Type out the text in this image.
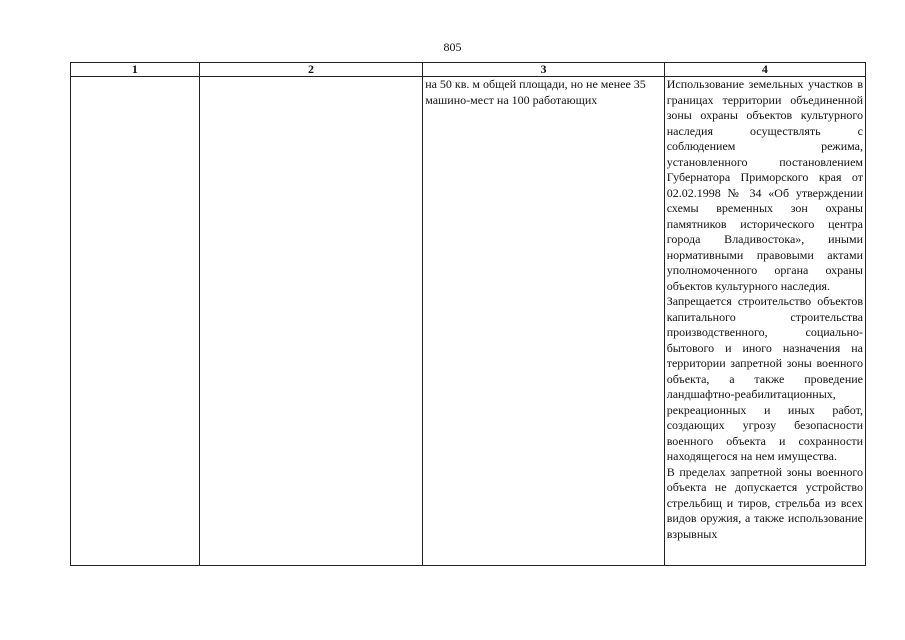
805
1	2	3	4
		на 50 кв. м общей площади, но не менее 35 машино-мест на 100 работающих	Использование земельных участков в границах территории объединенной зоны охраны объектов культурного наследия осуществлять с соблюдением режима, установленного постановлением Губернатора Приморского края от 02.02.1998 № 34 «Об утверждении схемы временных зон охраны памятников исторического центра города Владивостока», иными нормативными правовыми актами уполномоченного органа охраны объектов культурного наследия.

Запрещается строительство объектов капитального строительства производственного, социально-бытового и иного назначения на территории запретной зоны военного объекта, а также проведение ландшафтно-реабилитационных, рекреационных и иных работ, создающих угрозу безопасности военного объекта и сохранности находящегося на нем имущества.

В пределах запретной зоны военного объекта не допускается устройство стрельбищ и тиров, стрельба из всех видов оружия, а также использование взрывных
